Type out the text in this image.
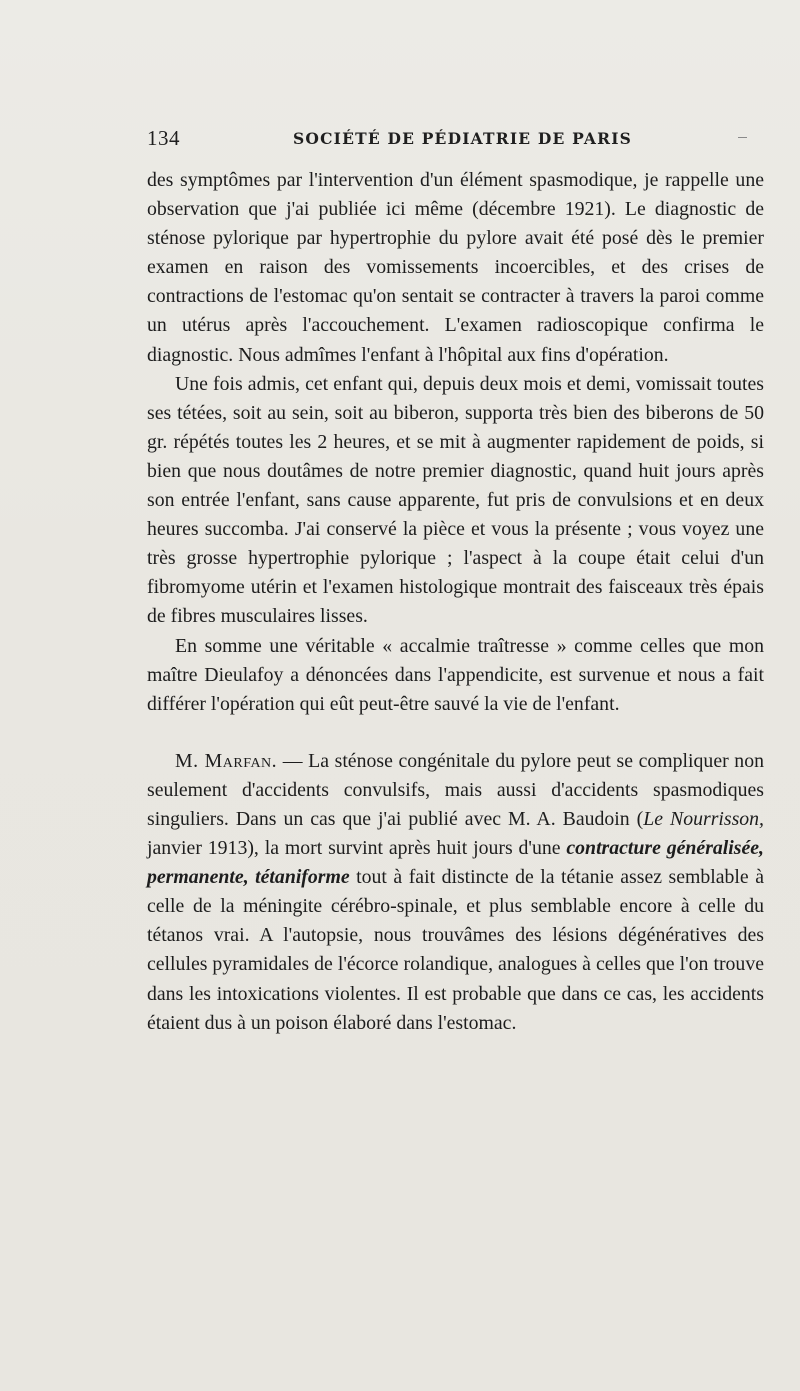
134	SOCIÉTÉ DE PÉDIATRIE DE PARIS

des symptômes par l'intervention d'un élément spasmodique, je rappelle une observation que j'ai publiée ici même (décembre 1921). Le diagnostic de sténose pylorique par hypertrophie du pylore avait été posé dès le premier examen en raison des vomissements incoercibles, et des crises de contractions de l'estomac qu'on sentait se contracter à travers la paroi comme un utérus après l'accouchement. L'examen radioscopique confirma le diagnostic. Nous admîmes l'enfant à l'hôpital aux fins d'opération.

Une fois admis, cet enfant qui, depuis deux mois et demi, vomissait toutes ses tétées, soit au sein, soit au biberon, supporta très bien des biberons de 50 gr. répétés toutes les 2 heures, et se mit à augmenter rapidement de poids, si bien que nous doutâmes de notre premier diagnostic, quand huit jours après son entrée l'enfant, sans cause apparente, fut pris de convulsions et en deux heures succomba. J'ai conservé la pièce et vous la présente ; vous voyez une très grosse hypertrophie pylorique ; l'aspect à la coupe était celui d'un fibromyome utérin et l'examen histologique montrait des faisceaux très épais de fibres musculaires lisses.

En somme une véritable « accalmie traîtresse » comme celles que mon maître Dieulafoy a dénoncées dans l'appendicite, est survenue et nous a fait différer l'opération qui eût peut-être sauvé la vie de l'enfant.

M. Marfan. — La sténose congénitale du pylore peut se compliquer non seulement d'accidents convulsifs, mais aussi d'accidents spasmodiques singuliers. Dans un cas que j'ai publié avec M. A. Baudoin (Le Nourrisson, janvier 1913), la mort survint après huit jours d'une contracture généralisée, permanente, tétaniforme tout à fait distincte de la tétanie assez semblable à celle de la méningite cérébro-spinale, et plus semblable encore à celle du tétanos vrai. A l'autopsie, nous trouvâmes des lésions dégénératives des cellules pyramidales de l'écorce rolandique, analogues à celles que l'on trouve dans les intoxications violentes. Il est probable que dans ce cas, les accidents étaient dus à un poison élaboré dans l'estomac.
